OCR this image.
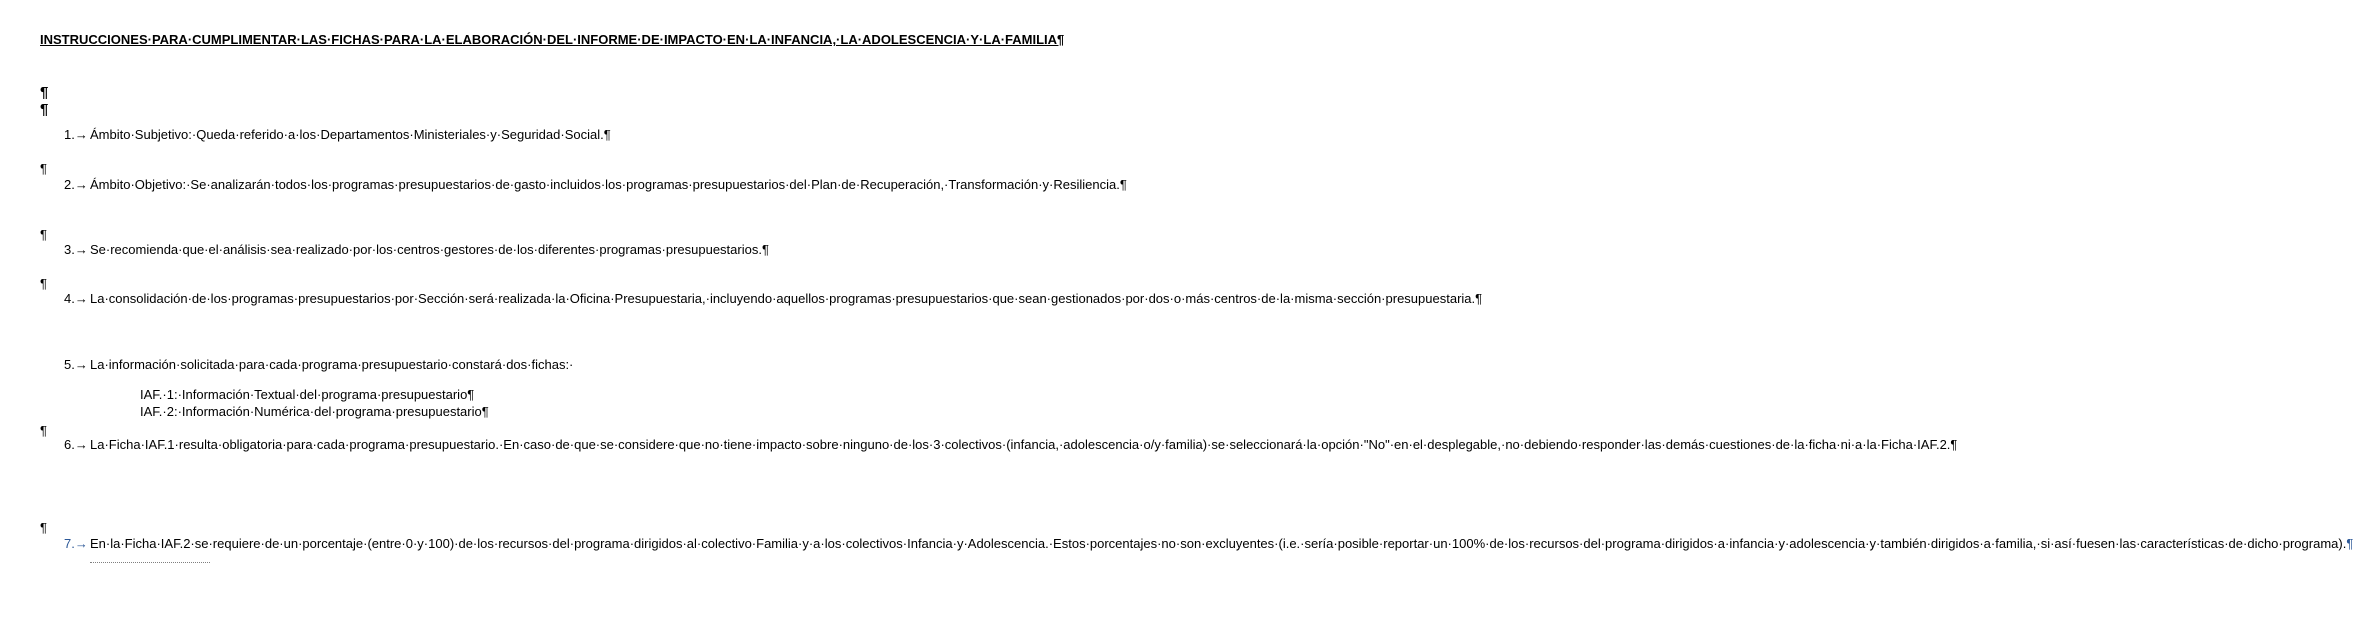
INSTRUCCIONES·PARA·CUMPLIMENTAR·LAS·FICHAS·PARA·LA·ELABORACIÓN·DEL·INFORME·DE·IMPACTO·EN·LA·INFANCIA,·LA·ADOLESCENCIA·Y·LA·FAMILIA¶
¶
¶
1.→ Ámbito·Subjetivo:·Queda·referido·a·los·Departamentos·Ministeriales·y·Seguridad·Social.¶
¶
2.→ Ámbito·Objetivo:·Se·analizarán·todos·los·programas·presupuestarios·de·gasto·incluidos·los·programas·presupuestarios·del·Plan·de·Recuperación,·Transformación·y·Resiliencia.¶
¶
3.→ Se·recomienda·que·el·análisis·sea·realizado·por·los·centros·gestores·de·los·diferentes·programas·presupuestarios.¶
¶
4.→ La·consolidación·de·los·programas·presupuestarios·por·Sección·será·realizada·la·Oficina·Presupuestaria,·incluyendo·aquellos·programas·presupuestarios·que·sean·gestionados·por·dos·o·más·centros·de·la·misma·sección·presupuestaria.¶
5.→ La·información·solicitada·para·cada·programa·presupuestario·constará·dos·fichas:·
IAF.·1:·Información·Textual·del·programa·presupuestario¶
IAF.·2:·Información·Numérica·del·programa·presupuestario¶
¶
6.→ La·Ficha·IAF.1·resulta·obligatoria·para·cada·programa·presupuestario.·En·caso·de·que·se·considere·que·no·tiene·impacto·sobre·ninguno·de·los·3·colectivos·(infancia,·adolescencia·o/y·familia)·se·seleccionará·la·opción·"No"·en·el·desplegable,·no·debiendo·responder·las·demás·cuestiones·de·la·ficha·ni·a·la·Ficha·IAF.2.¶
¶
7.→ En·la·Ficha·IAF.2·se·requiere·de·un·porcentaje·(entre·0·y·100)·de·los·recursos·del·programa·dirigidos·al·colectivo·Familia·y·a·los·colectivos·Infancia·y·Adolescencia.·Estos·porcentajes·no·son·excluyentes·(i.e.·sería·posible·reportar·un·100%·de·los·recursos·del·programa·dirigidos·a·infancia·y·adolescencia·y·también·dirigidos·a·familia,·si·así·fuesen·las·características·de·dicho·programa).¶
